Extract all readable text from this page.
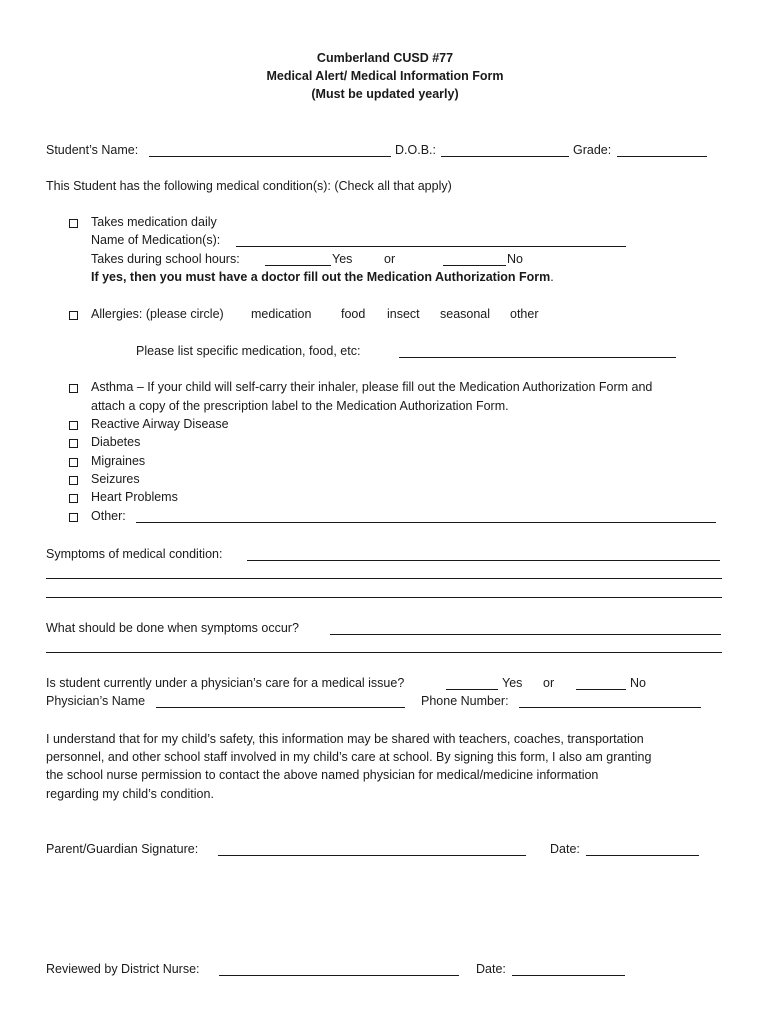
Cumberland CUSD #77
Medical Alert/ Medical Information Form
(Must be updated yearly)
Student’s Name:	D.O.B.:	Grade:
This Student has the following medical condition(s): (Check all that apply)
Takes medication daily
Name of Medication(s):
Takes during school hours:	Yes	or	No
If yes, then you must have a doctor fill out the Medication Authorization Form.
Allergies: (please circle) medication food insect seasonal other
Please list specific medication, food, etc:
Asthma – If your child will self-carry their inhaler, please fill out the Medication Authorization Form and
attach a copy of the prescription label to the Medication Authorization Form.
Reactive Airway Disease
Diabetes
Migraines
Seizures
Heart Problems
Other:
Symptoms of medical condition:
What should be done when symptoms occur?
Is student currently under a physician’s care for a medical issue?	Yes or	No
Physician’s Name	Phone Number:
I understand that for my child’s safety, this information may be shared with teachers, coaches, transportation
personnel, and other school staff involved in my child’s care at school. By signing this form, I also am granting
the school nurse permission to contact the above named physician for medical/medicine information
regarding my child’s condition.
Parent/Guardian Signature:	Date:
Reviewed by District Nurse:	Date:
